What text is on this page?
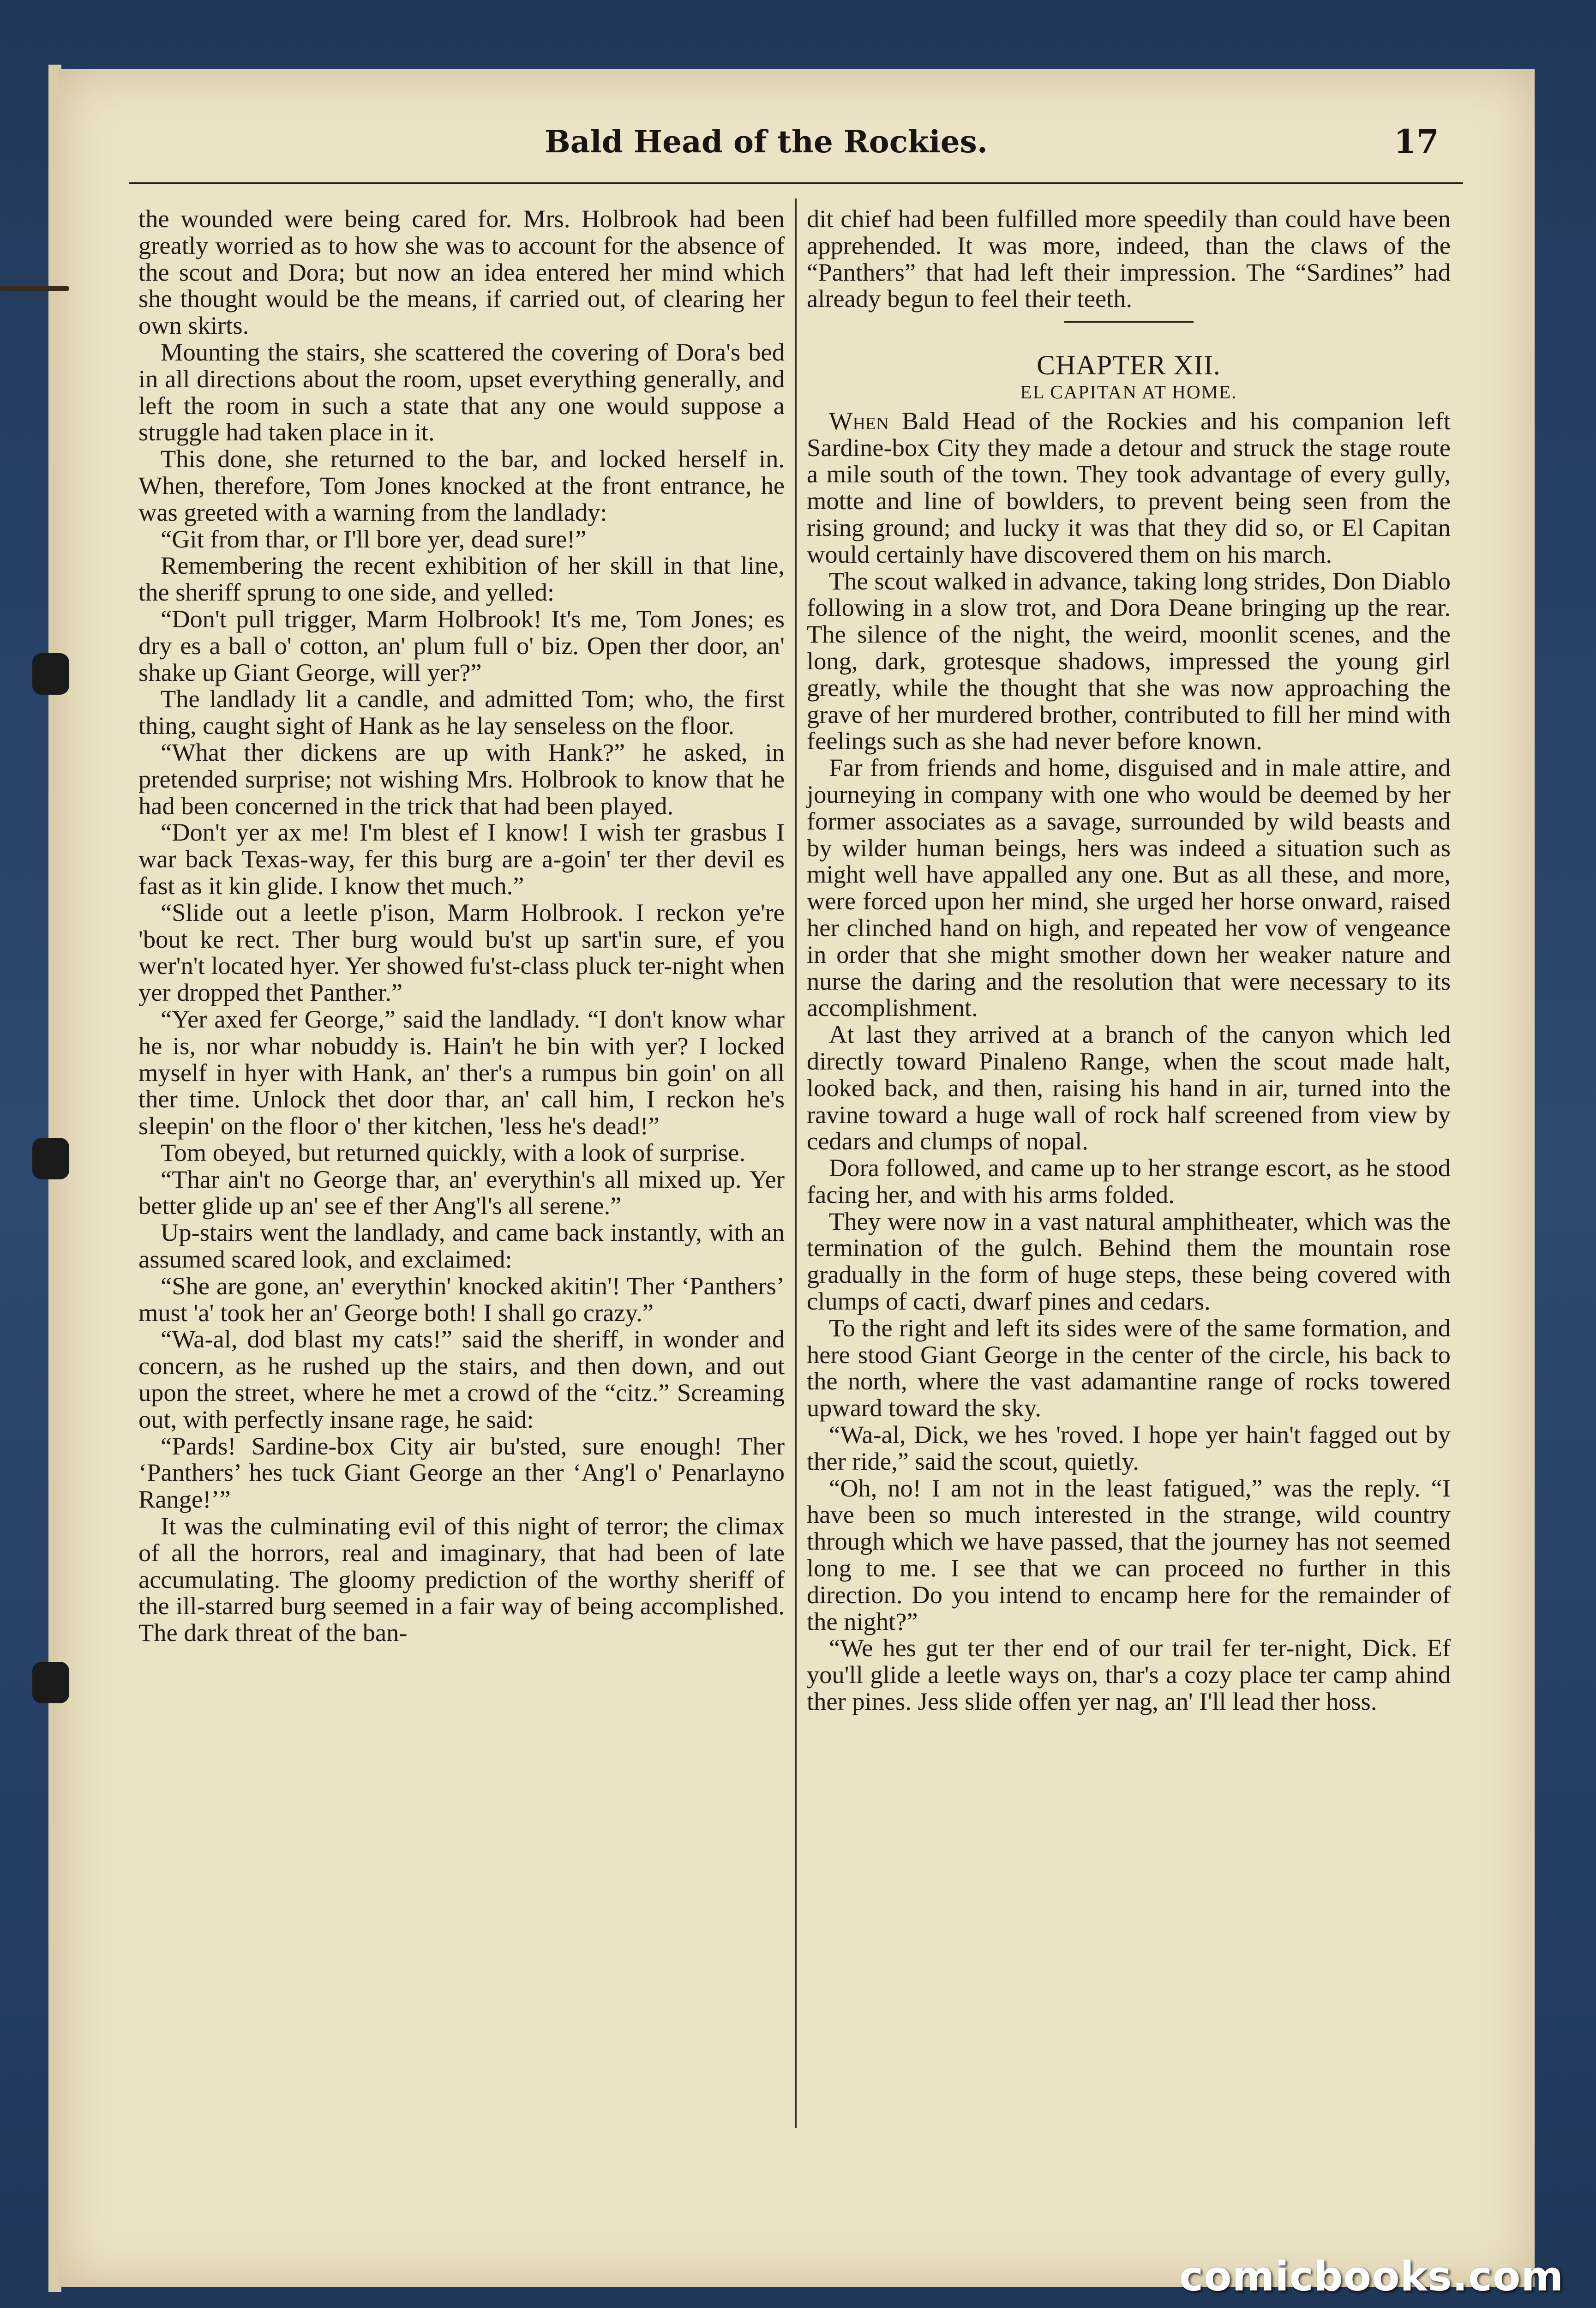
Bald Head of the Rockies.	17

the wounded were being cared for. Mrs. Holbrook had been greatly worried as to how she was to account for the absence of the scout and Dora; but now an idea entered her mind which she thought would be the means, if carried out, of clearing her own skirts.

Mounting the stairs, she scattered the covering of Dora's bed in all directions about the room, upset everything generally, and left the room in such a state that any one would suppose a struggle had taken place in it.

This done, she returned to the bar, and locked herself in. When, therefore, Tom Jones knocked at the front entrance, he was greeted with a warning from the landlady:

“Git from thar, or I'll bore yer, dead sure!”

Remembering the recent exhibition of her skill in that line, the sheriff sprung to one side, and yelled:

“Don't pull trigger, Marm Holbrook! It's me, Tom Jones; es dry es a ball o' cotton, an' plum full o' biz. Open ther door, an' shake up Giant George, will yer?”

The landlady lit a candle, and admitted Tom; who, the first thing, caught sight of Hank as he lay senseless on the floor.

“What ther dickens are up with Hank?” he asked, in pretended surprise; not wishing Mrs. Holbrook to know that he had been concerned in the trick that had been played.

“Don't yer ax me! I'm blest ef I know! I wish ter grasbus I war back Texas-way, fer this burg are a-goin' ter ther devil es fast as it kin glide. I know thet much.”

“Slide out a leetle p'ison, Marm Holbrook. I reckon ye're 'bout ke rect. Ther burg would bu'st up sart'in sure, ef you wer'n't located hyer. Yer showed fu'st-class pluck ter-night when yer dropped thet Panther.”

“Yer axed fer George,” said the landlady. “I don't know whar he is, nor whar nobuddy is. Hain't he bin with yer? I locked myself in hyer with Hank, an' ther's a rumpus bin goin' on all ther time. Unlock thet door thar, an' call him, I reckon he's sleepin' on the floor o' ther kitchen, 'less he's dead!”

Tom obeyed, but returned quickly, with a look of surprise.

“Thar ain't no George thar, an' everythin's all mixed up. Yer better glide up an' see ef ther Ang'l's all serene.”

Up-stairs went the landlady, and came back instantly, with an assumed scared look, and exclaimed:

“She are gone, an' everythin' knocked akitin'! Ther ‘Panthers’ must 'a' took her an' George both! I shall go crazy.”

“Wa-al, dod blast my cats!” said the sheriff, in wonder and concern, as he rushed up the stairs, and then down, and out upon the street, where he met a crowd of the “citz.” Screaming out, with perfectly insane rage, he said:

“Pards! Sardine-box City air bu'sted, sure enough! Ther ‘Panthers’ hes tuck Giant George an ther ‘Ang'l o' Penarlayno Range!’”

It was the culminating evil of this night of terror; the climax of all the horrors, real and imaginary, that had been of late accumulating. The gloomy prediction of the worthy sheriff of the ill-starred burg seemed in a fair way of being accomplished. The dark threat of the ban-

dit chief had been fulfilled more speedily than could have been apprehended. It was more, indeed, than the claws of the “Panthers” that had left their impression. The “Sardines” had already begun to feel their teeth.

CHAPTER XII.
EL CAPITAN AT HOME.

When Bald Head of the Rockies and his companion left Sardine-box City they made a detour and struck the stage route a mile south of the town. They took advantage of every gully, motte and line of bowlders, to prevent being seen from the rising ground; and lucky it was that they did so, or El Capitan would certainly have discovered them on his march.

The scout walked in advance, taking long strides, Don Diablo following in a slow trot, and Dora Deane bringing up the rear. The silence of the night, the weird, moonlit scenes, and the long, dark, grotesque shadows, impressed the young girl greatly, while the thought that she was now approaching the grave of her murdered brother, contributed to fill her mind with feelings such as she had never before known.

Far from friends and home, disguised and in male attire, and journeying in company with one who would be deemed by her former associates as a savage, surrounded by wild beasts and by wilder human beings, hers was indeed a situation such as might well have appalled any one. But as all these, and more, were forced upon her mind, she urged her horse onward, raised her clinched hand on high, and repeated her vow of vengeance in order that she might smother down her weaker nature and nurse the daring and the resolution that were necessary to its accomplishment.

At last they arrived at a branch of the canyon which led directly toward Pinaleno Range, when the scout made halt, looked back, and then, raising his hand in air, turned into the ravine toward a huge wall of rock half screened from view by cedars and clumps of nopal.

Dora followed, and came up to her strange escort, as he stood facing her, and with his arms folded.

They were now in a vast natural amphitheater, which was the termination of the gulch. Behind them the mountain rose gradually in the form of huge steps, these being covered with clumps of cacti, dwarf pines and cedars.

To the right and left its sides were of the same formation, and here stood Giant George in the center of the circle, his back to the north, where the vast adamantine range of rocks towered upward toward the sky.

“Wa-al, Dick, we hes 'roved. I hope yer hain't fagged out by ther ride,” said the scout, quietly.

“Oh, no! I am not in the least fatigued,” was the reply. “I have been so much interested in the strange, wild country through which we have passed, that the journey has not seemed long to me. I see that we can proceed no further in this direction. Do you intend to encamp here for the remainder of the night?”

“We hes gut ter ther end of our trail fer ter-night, Dick. Ef you'll glide a leetle ways on, thar's a cozy place ter camp ahind ther pines. Jess slide offen yer nag, an' I'll lead ther hoss.

comicbooks.com
